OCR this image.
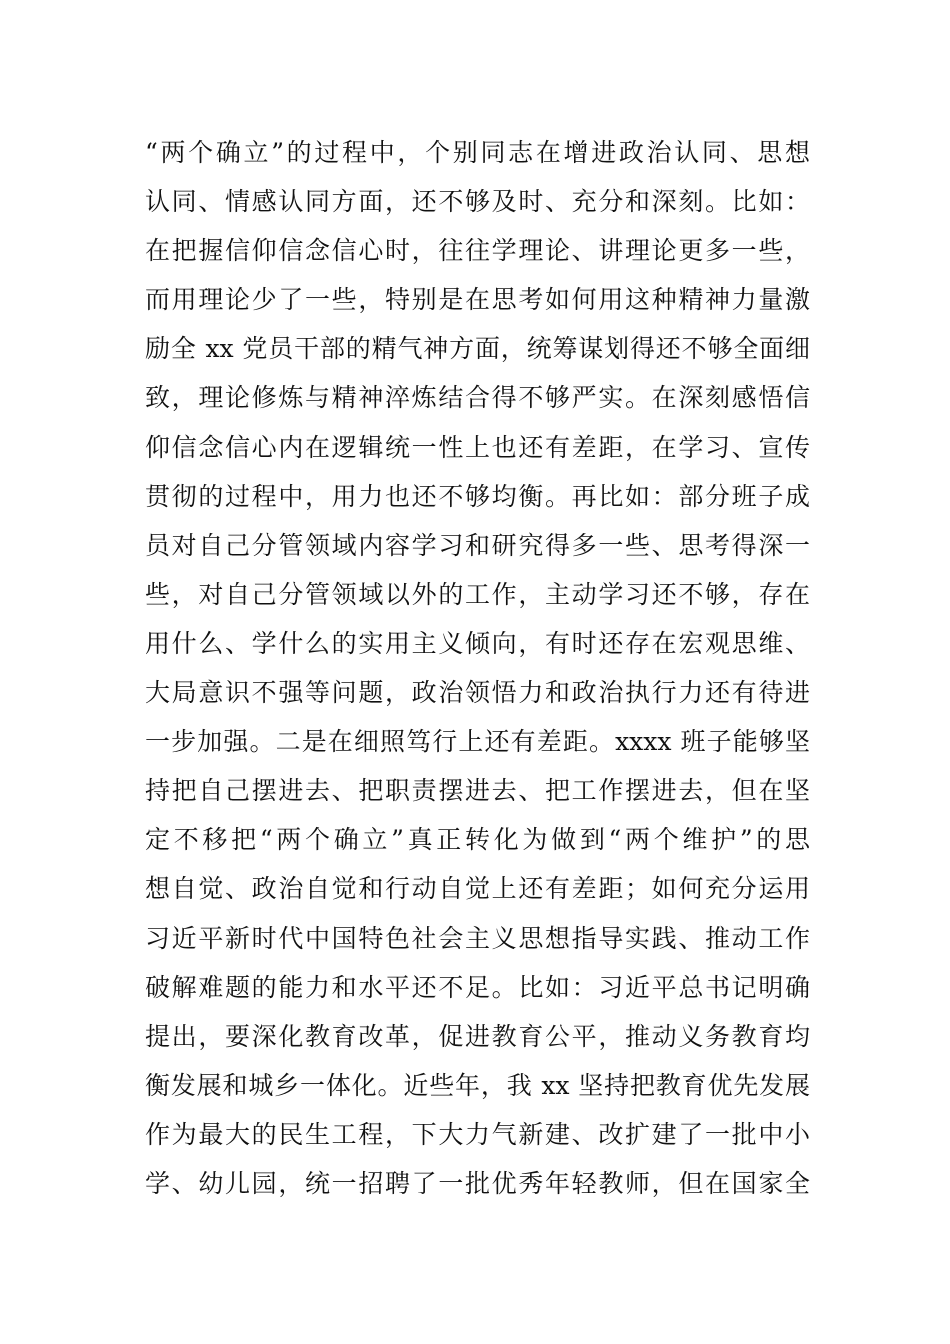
“两个确立”的过程中，个别同志在增进政治认同、思想
认同、情感认同方面，还不够及时、充分和深刻。比如：
在把握信仰信念信心时，往往学理论、讲理论更多一些，
而用理论少了一些，特别是在思考如何用这种精神力量激
励全 xx 党员干部的精气神方面，统筹谋划得还不够全面细
致，理论修炼与精神淬炼结合得不够严实。在深刻感悟信
仰信念信心内在逻辑统一性上也还有差距，在学习、宣传
贯彻的过程中，用力也还不够均衡。再比如：部分班子成
员对自己分管领域内容学习和研究得多一些、思考得深一
些，对自己分管领域以外的工作，主动学习还不够，存在
用什么、学什么的实用主义倾向，有时还存在宏观思维、
大局意识不强等问题，政治领悟力和政治执行力还有待进
一步加强。二是在细照笃行上还有差距。xxxx 班子能够坚
持把自己摆进去、把职责摆进去、把工作摆进去，但在坚
定不移把“两个确立”真正转化为做到“两个维护”的思
想自觉、政治自觉和行动自觉上还有差距；如何充分运用
习近平新时代中国特色社会主义思想指导实践、推动工作
破解难题的能力和水平还不足。比如：习近平总书记明确
提出，要深化教育改革，促进教育公平，推动义务教育均
衡发展和城乡一体化。近些年，我 xx 坚持把教育优先发展
作为最大的民生工程，下大力气新建、改扩建了一批中小
学、幼儿园，统一招聘了一批优秀年轻教师，但在国家全
